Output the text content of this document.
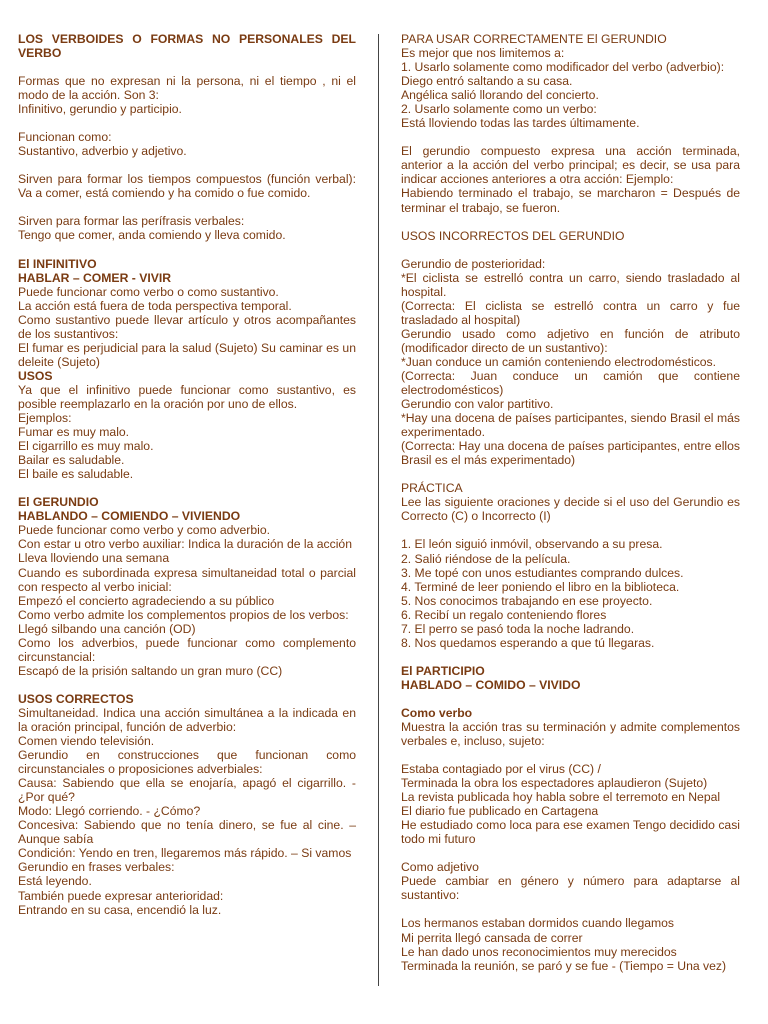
LOS VERBOIDES O FORMAS NO PERSONALES DEL VERBO

Formas que no expresan ni la persona, ni el tiempo , ni el modo de la acción. Son 3:

Infinitivo, gerundio y participio.

Funcionan como:

Sustantivo, adverbio y adjetivo.

Sirven para formar los tiempos compuestos (función verbal): Va a comer, está comiendo y ha comido o fue comido.

Sirven para formar las perífrasis verbales:

Tengo que comer, anda comiendo y lleva comido.

El INFINITIVO

HABLAR – COMER - VIVIR

Puede funcionar como verbo o como sustantivo.

La acción está fuera de toda perspectiva temporal.

Como sustantivo puede llevar artículo y otros acompañantes de los sustantivos:

El fumar es perjudicial para la salud (Sujeto) Su caminar es un deleite (Sujeto)

USOS

Ya que el infinitivo puede funcionar como sustantivo, es posible reemplazarlo en la oración por uno de ellos.

Ejemplos:

Fumar es muy malo.

El cigarrillo es muy malo.

Bailar es saludable.

El baile es saludable.

El GERUNDIO

HABLANDO – COMIENDO – VIVIENDO

Puede funcionar como verbo y como adverbio.

Con estar u otro verbo auxiliar: Indica la duración de la acción

Lleva lloviendo una semana

Cuando es subordinada expresa simultaneidad total o parcial con respecto al verbo inicial:

Empezó el concierto agradeciendo a su público

Como verbo admite los complementos propios de los verbos:

Llegó silbando una canción (OD)

Como los adverbios, puede funcionar como complemento circunstancial:

Escapó de la prisión saltando un gran muro (CC)

USOS CORRECTOS

Simultaneidad. Indica una acción simultánea a la indicada en la oración principal, función de adverbio:

Comen viendo televisión.

Gerundio en construcciones que funcionan como circunstanciales o proposiciones adverbiales:

Causa: Sabiendo que ella se enojaría, apagó el cigarrillo. - ¿Por qué?

Modo: Llegó corriendo. - ¿Cómo?

Concesiva: Sabiendo que no tenía dinero, se fue al cine. – Aunque sabía

Condición: Yendo en tren, llegaremos más rápido. – Si vamos

Gerundio en frases verbales:

Está leyendo.

También puede expresar anterioridad:

Entrando en su casa, encendió la luz.

PARA USAR CORRECTAMENTE El GERUNDIO

Es mejor que nos limitemos a:

1. Usarlo solamente como modificador del verbo (adverbio):

Diego entró saltando a su casa.

Angélica salió llorando del concierto.

2. Usarlo solamente como un verbo:

Está lloviendo todas las tardes últimamente.

El gerundio compuesto expresa una acción terminada, anterior a la acción del verbo principal; es decir, se usa para indicar acciones anteriores a otra acción: Ejemplo:

Habiendo terminado el trabajo, se marcharon = Después de terminar el trabajo, se fueron.

USOS INCORRECTOS DEL GERUNDIO

Gerundio de posterioridad:

*El ciclista se estrelló contra un carro, siendo trasladado al hospital.

(Correcta: El ciclista se estrelló contra un carro y fue trasladado al hospital)

Gerundio usado como adjetivo en función de atributo (modificador directo de un sustantivo):

*Juan conduce un camión conteniendo electrodomésticos.

(Correcta: Juan conduce un camión que contiene electrodomésticos)

Gerundio con valor partitivo.

*Hay una docena de países participantes, siendo Brasil el más experimentado.

(Correcta: Hay una docena de países participantes, entre ellos Brasil es el más experimentado)

PRÁCTICA

Lee las siguiente oraciones y decide si el uso del Gerundio es Correcto (C) o Incorrecto (I)

1. El león siguió inmóvil, observando a su presa.

2. Salió riéndose de la película.

3. Me topé con unos estudiantes comprando dulces.

4. Terminé de leer poniendo el libro en la biblioteca.

5. Nos conocimos trabajando en ese proyecto.

6. Recibí un regalo conteniendo flores

7. El perro se pasó toda la noche ladrando.

8. Nos quedamos esperando a que tú llegaras.

El PARTICIPIO

HABLADO – COMIDO – VIVIDO

Como verbo

Muestra la acción tras su terminación y admite complementos verbales e, incluso, sujeto:

Estaba contagiado por el virus (CC) /

Terminada la obra los espectadores aplaudieron (Sujeto)

La revista publicada hoy habla sobre el terremoto en Nepal

El diario fue publicado en Cartagena

He estudiado como loca para ese examen Tengo decidido casi todo mi futuro

Como adjetivo

Puede cambiar en género y número para adaptarse al sustantivo:

Los hermanos estaban dormidos cuando llegamos

Mi perrita llegó cansada de correr

Le han dado unos reconocimientos muy merecidos

Terminada la reunión, se paró y se fue - (Tiempo = Una vez)
